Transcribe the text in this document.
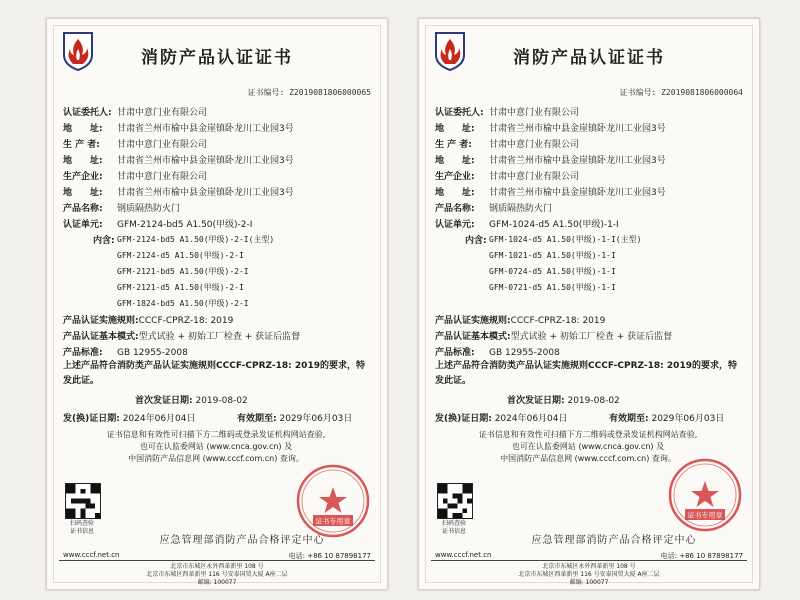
消防产品认证证书
证书编号: Z2019081806000065
认证委托人: 甘肃中意门业有限公司
地　　址: 甘肃省兰州市榆中县金崖镇卧龙川工业园3号
生 产 者: 甘肃中意门业有限公司
地　　址: 甘肃省兰州市榆中县金崖镇卧龙川工业园3号
生产企业: 甘肃中意门业有限公司
地　　址: 甘肃省兰州市榆中县金崖镇卧龙川工业园3号
产品名称: 钢质隔热防火门
认证单元: GFM-2124-bd5 A1.50(甲级)-2-I
内含: GFM-2124-bd5 A1.50(甲级)-2-I(主型)
GFM-2124-d5 A1.50(甲级)-2-I
GFM-2121-bd5 A1.50(甲级)-2-I
GFM-2121-d5 A1.50(甲级)-2-I
GFM-1824-bd5 A1.50(甲级)-2-I
产品认证实施规则:CCCF-CPRZ-18: 2019
产品认证基本模式:型式试验 + 初始工厂检查 + 获证后监督
产品标准: GB 12955-2008
上述产品符合消防类产品认证实施规则CCCF-CPRZ-18: 2019的要求，特发此证。
首次发证日期: 2019-08-02
发(换)证日期: 2024年06月04日	有效期至: 2029年06月03日
证书信息和有效性可扫描下方二维码或登录发证机构网站查验,
也可在认监委网站 (www.cnca.gov.cn) 及
中国消防产品信息网 (www.cccf.com.cn) 查询。
扫码查验
证书信息
证书专用章
应急管理部消防产品合格评定中心
www.cccf.net.cn	电话: +86 10 87898177
北京市东城区永外西革新里 108 号
北京市东城区西革新里 116 号安泰国贸大厦 A座二层
邮编: 100077
消防产品认证证书
证书编号: Z2019081806000064
认证委托人: 甘肃中意门业有限公司
地　　址: 甘肃省兰州市榆中县金崖镇卧龙川工业园3号
生 产 者: 甘肃中意门业有限公司
地　　址: 甘肃省兰州市榆中县金崖镇卧龙川工业园3号
生产企业: 甘肃中意门业有限公司
地　　址: 甘肃省兰州市榆中县金崖镇卧龙川工业园3号
产品名称: 钢质隔热防火门
认证单元: GFM-1024-d5 A1.50(甲级)-1-I
内含: GFM-1024-d5 A1.50(甲级)-1-I(主型)
GFM-1021-d5 A1.50(甲级)-1-I
GFM-0724-d5 A1.50(甲级)-1-I
GFM-0721-d5 A1.50(甲级)-1-I
产品认证实施规则:CCCF-CPRZ-18: 2019
产品认证基本模式:型式试验 + 初始工厂检查 + 获证后监督
产品标准: GB 12955-2008
上述产品符合消防类产品认证实施规则CCCF-CPRZ-18: 2019的要求，特发此证。
首次发证日期: 2019-08-02
发(换)证日期: 2024年06月04日	有效期至: 2029年06月03日
证书信息和有效性可扫描下方二维码或登录发证机构网站查验,
也可在认监委网站 (www.cnca.gov.cn) 及
中国消防产品信息网 (www.cccf.com.cn) 查询。
扫码查验
证书信息
证书专用章
应急管理部消防产品合格评定中心
www.cccf.net.cn	电话: +86 10 87898177
北京市东城区永外西革新里 108 号
北京市东城区西革新里 116 号安泰国贸大厦 A座二层
邮编: 100077
